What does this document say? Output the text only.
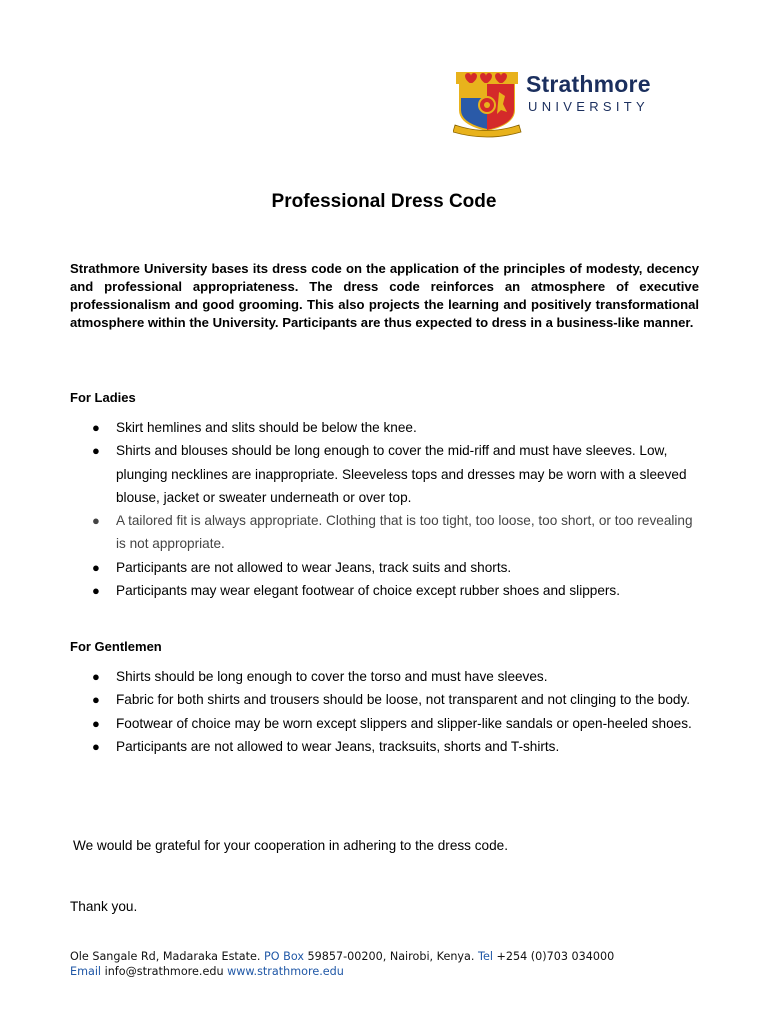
Strathmore
UNIVERSITY
Professional Dress Code
Strathmore University bases its dress code on the application of the principles of modesty, decency and professional appropriateness. The dress code reinforces an atmosphere of executive professionalism and good grooming. This also projects the learning and positively transformational atmosphere within the University. Participants are thus expected to dress in a business-like manner.
For Ladies
● Skirt hemlines and slits should be below the knee.
● Shirts and blouses should be long enough to cover the mid-riff and must have sleeves. Low, plunging necklines are inappropriate. Sleeveless tops and dresses may be worn with a sleeved blouse, jacket or sweater underneath or over top.
● A tailored fit is always appropriate. Clothing that is too tight, too loose, too short, or too revealing is not appropriate.
● Participants are not allowed to wear Jeans, track suits and shorts.
● Participants may wear elegant footwear of choice except rubber shoes and slippers.
For Gentlemen
● Shirts should be long enough to cover the torso and must have sleeves.
● Fabric for both shirts and trousers should be loose, not transparent and not clinging to the body.
● Footwear of choice may be worn except slippers and slipper-like sandals or open-heeled shoes.
● Participants are not allowed to wear Jeans, tracksuits, shorts and T-shirts.
We would be grateful for your cooperation in adhering to the dress code.
Thank you.
Ole Sangale Rd, Madaraka Estate. PO Box 59857-00200, Nairobi, Kenya. Tel +254 (0)703 034000
Email info@strathmore.edu www.strathmore.edu
